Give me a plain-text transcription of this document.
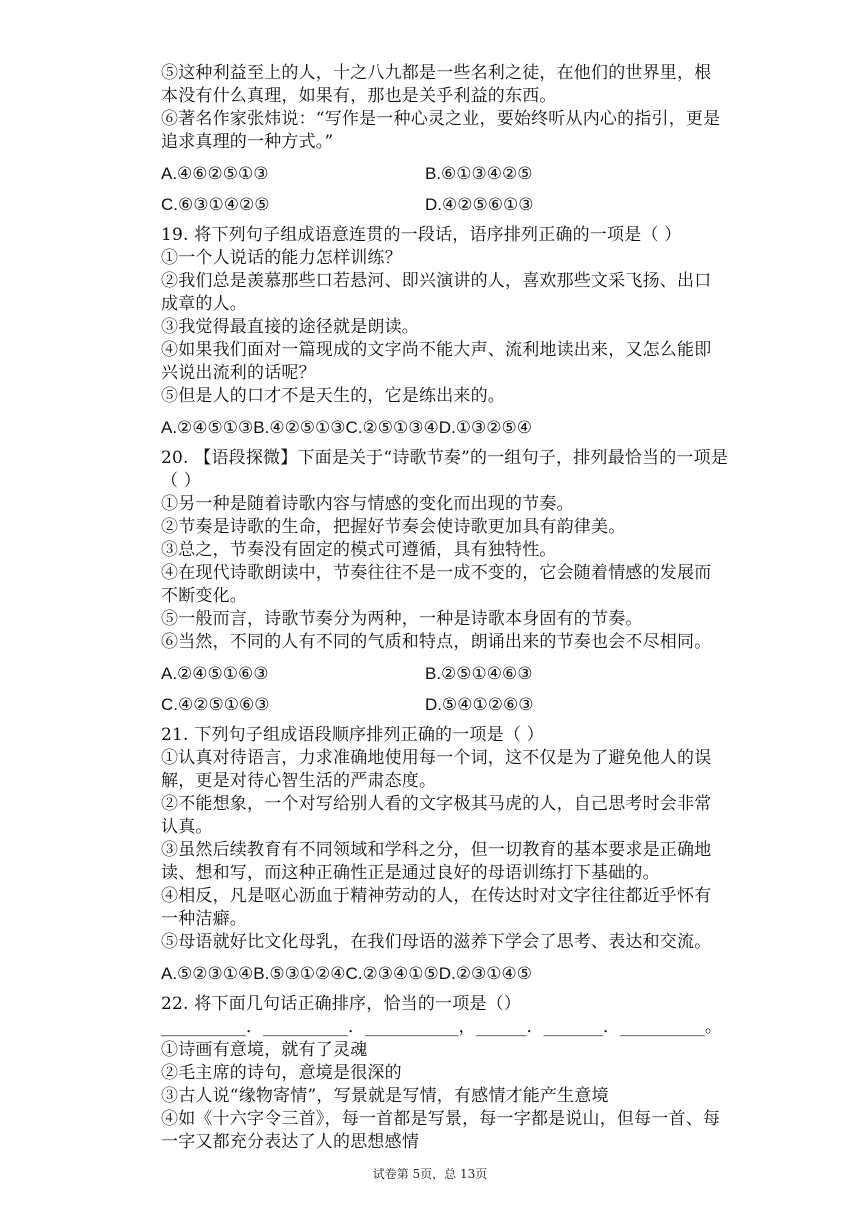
⑤这种利益至上的人，十之八九都是一些名利之徒，在他们的世界里，根
本没有什么真理，如果有，那也是关乎利益的东西。
⑥著名作家张炜说：“写作是一种心灵之业，要始终听从内心的指引，更是
追求真理的一种方式。”
A.④⑥②⑤①③	B.⑥①③④②⑤
C.⑥③①④②⑤	D.④②⑤⑥①③
19. 将下列句子组成语意连贯的一段话，语序排列正确的一项是（ ）
①一个人说话的能力怎样训练？
②我们总是羡慕那些口若悬河、即兴演讲的人，喜欢那些文采飞扬、出口
成章的人。
③我觉得最直接的途径就是朗读。
④如果我们面对一篇现成的文字尚不能大声、流利地读出来，又怎么能即
兴说出流利的话呢？
⑤但是人的口才不是天生的，它是练出来的。
A.②④⑤①③B.④②⑤①③C.②⑤①③④D.①③②⑤④
20. 【语段探微】下面是关于“诗歌节奏”的一组句子，排列最恰当的一项是
（ ）
①另一种是随着诗歌内容与情感的变化而出现的节奏。
②节奏是诗歌的生命，把握好节奏会使诗歌更加具有韵律美。
③总之，节奏没有固定的模式可遵循，具有独特性。
④在现代诗歌朗读中，节奏往往不是一成不变的，它会随着情感的发展而
不断变化。
⑤一般而言，诗歌节奏分为两种，一种是诗歌本身固有的节奏。
⑥当然，不同的人有不同的气质和特点，朗诵出来的节奏也会不尽相同。
A.②④⑤①⑥③	B.②⑤①④⑥③
C.④②⑤①⑥③	D.⑤④①②⑥③
21. 下列句子组成语段顺序排列正确的一项是（ ）
①认真对待语言，力求准确地使用每一个词，这不仅是为了避免他人的误
解，更是对待心智生活的严肃态度。
②不能想象，一个对写给别人看的文字极其马虎的人，自己思考时会非常
认真。
③虽然后续教育有不同领域和学科之分，但一切教育的基本要求是正确地
读、想和写，而这种正确性正是通过良好的母语训练打下基础的。
④相反，凡是呕心沥血于精神劳动的人，在传达时对文字往往都近乎怀有
一种洁癖。
⑤母语就好比文化母乳，在我们母语的滋养下学会了思考、表达和交流。
A.⑤②③①④B.⑤③①②④C.②③④①⑤D.②③①④⑤
22. 将下面几句话正确排序，恰当的一项是（）
__________．__________．___________，______．_______．__________。
①诗画有意境，就有了灵魂
②毛主席的诗句，意境是很深的
③古人说“缘物寄情”，写景就是写情，有感情才能产生意境
④如《十六字令三首》，每一首都是写景，每一字都是说山，但每一首、每
一字又都充分表达了人的思想感情
试卷第 5页，总 13页
